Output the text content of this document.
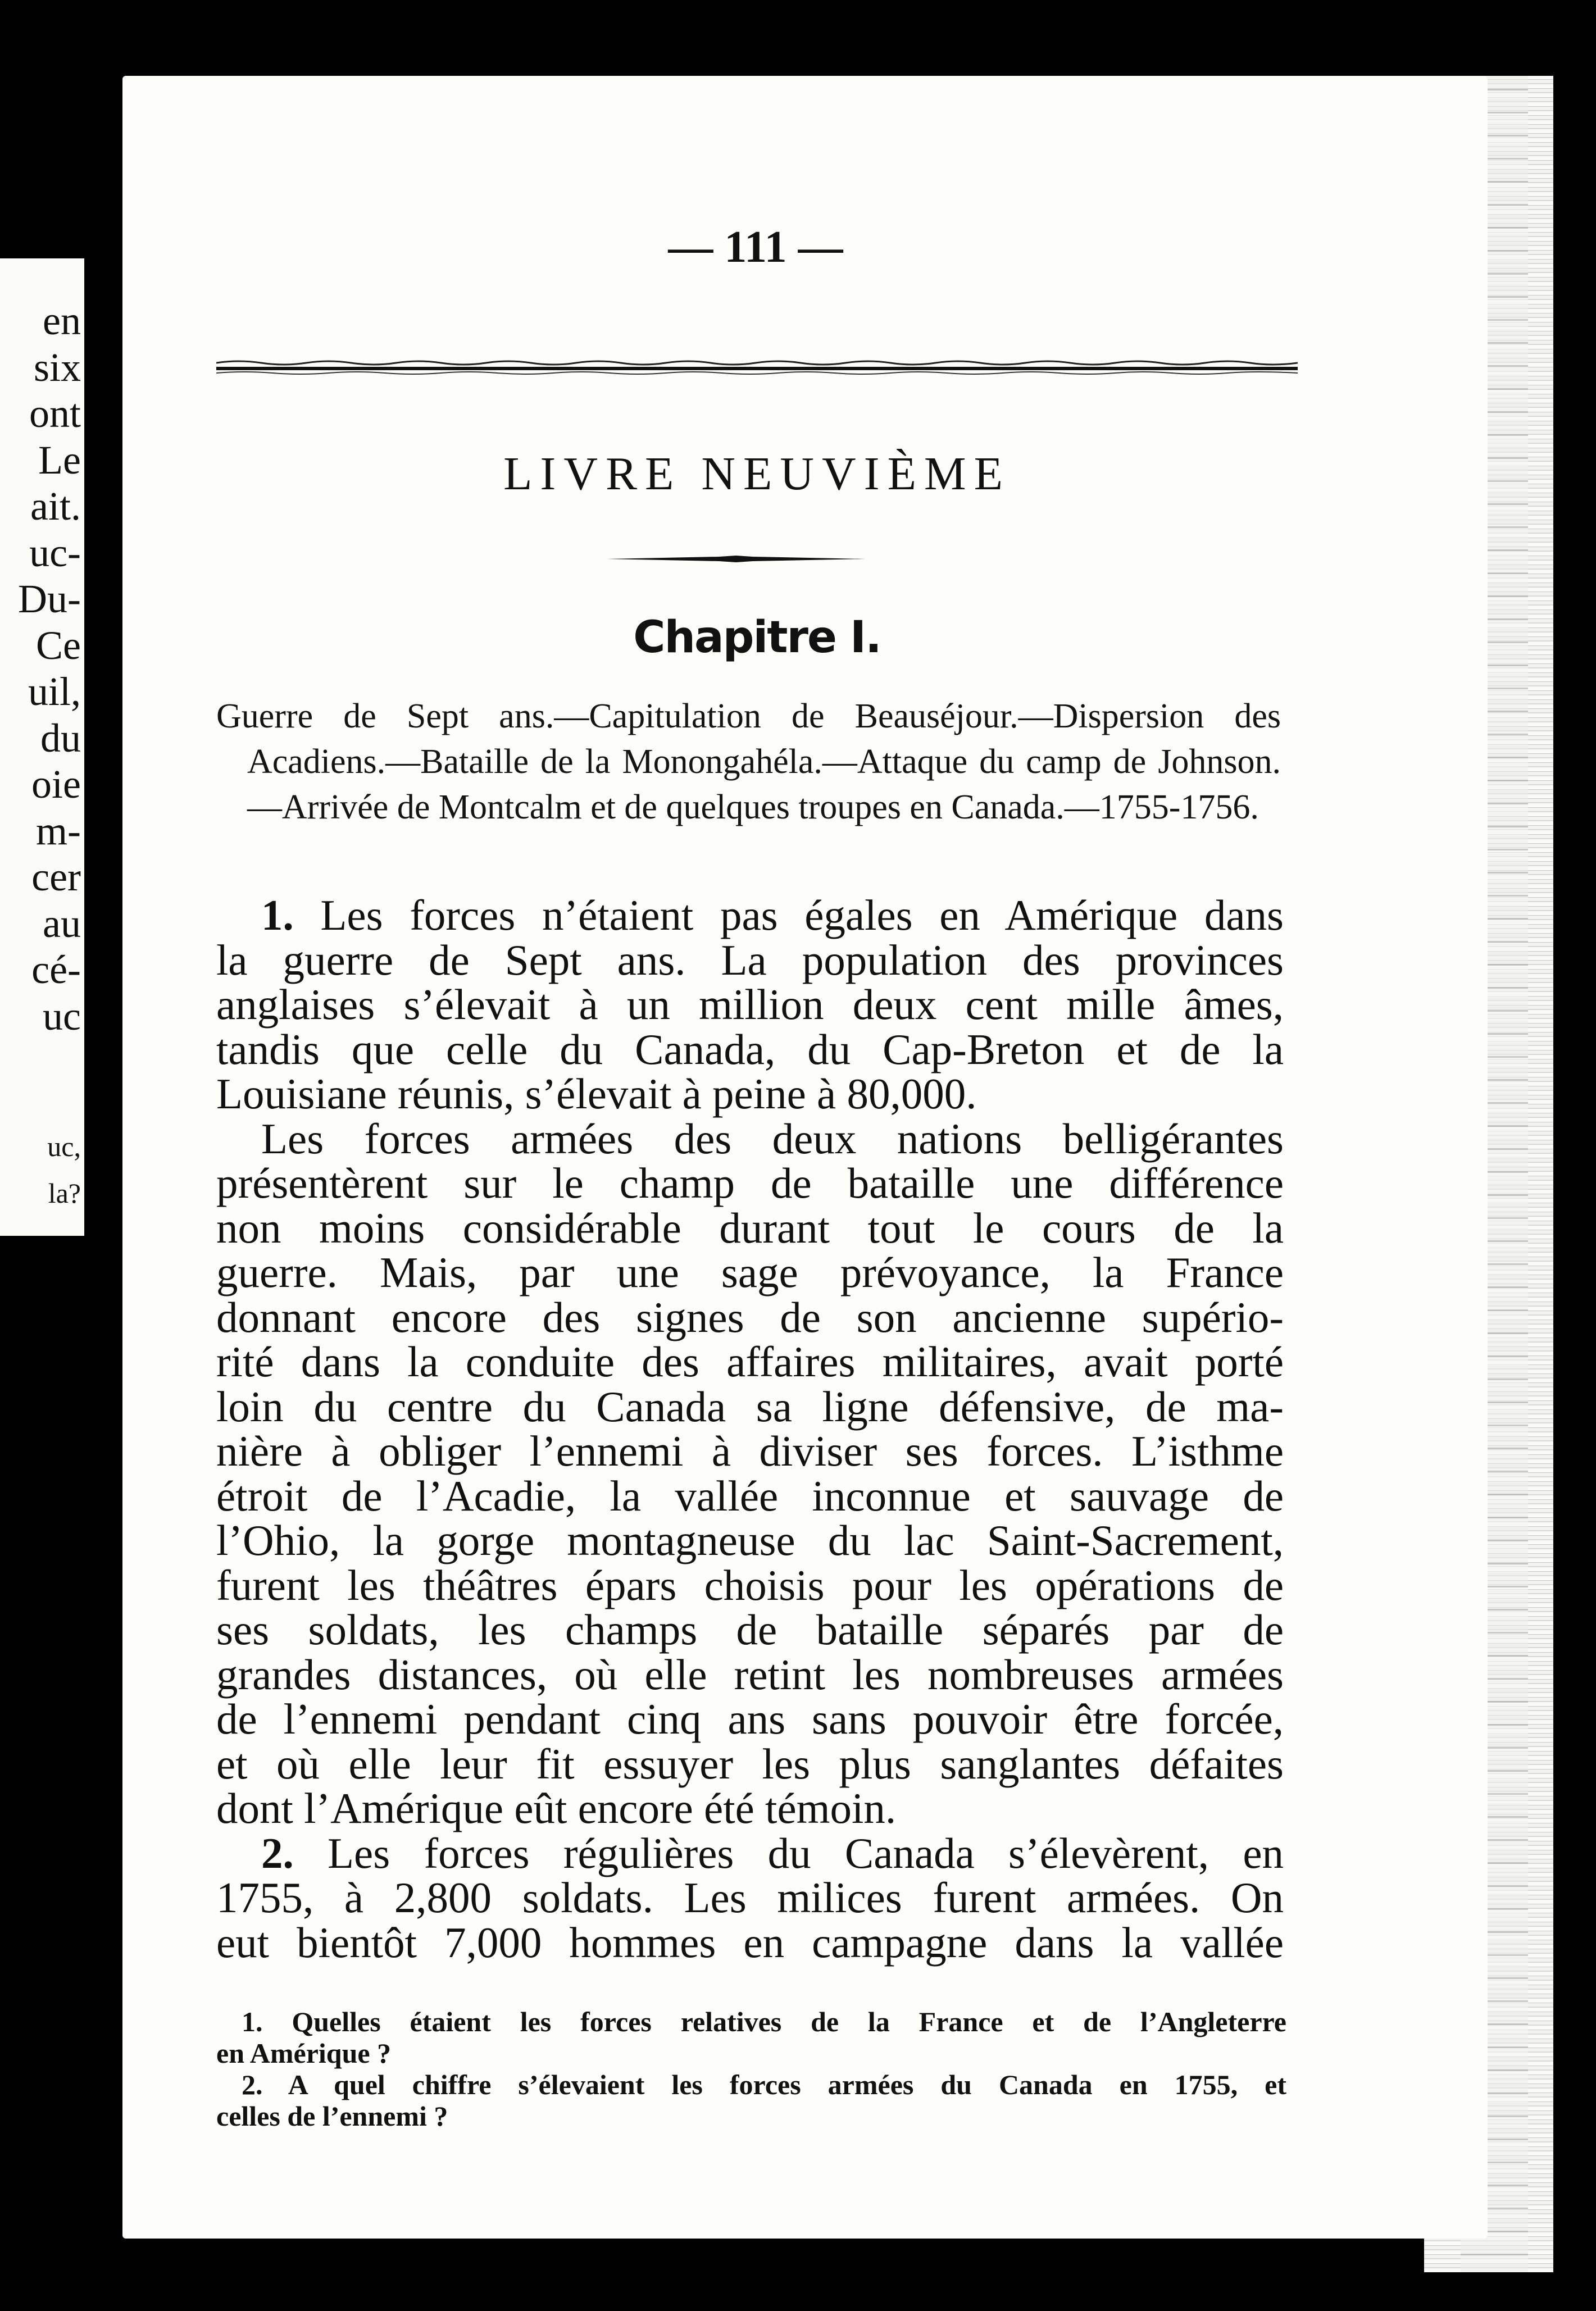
en
six
ont
Le
ait.
uc-
Du-
Ce
uil,
du
oie
m-
cer
au
cé-
uc
uc,
la?
— 111 —
LIVRE NEUVIÈME
Chapitre I.

Guerre de Sept ans.—Capitulation de Beauséjour.—Dispersion des Acadiens.—Bataille de la Monongahéla.—Attaque du camp de Johnson.—Arrivée de Montcalm et de quelques troupes en Canada.—1755-1756.

1. Les forces n’étaient pas égales en Amérique dans
la guerre de Sept ans. La population des provinces
anglaises s’élevait à un million deux cent mille âmes,
tandis que celle du Canada, du Cap-Breton et de la
Louisiane réunis, s’élevait à peine à 80,000.
Les forces armées des deux nations belligérantes
présentèrent sur le champ de bataille une différence
non moins considérable durant tout le cours de la
guerre. Mais, par une sage prévoyance, la France
donnant encore des signes de son ancienne supério-
rité dans la conduite des affaires militaires, avait porté
loin du centre du Canada sa ligne défensive, de ma-
nière à obliger l’ennemi à diviser ses forces. L’isthme
étroit de l’Acadie, la vallée inconnue et sauvage de
l’Ohio, la gorge montagneuse du lac Saint-Sacrement,
furent les théâtres épars choisis pour les opérations de
ses soldats, les champs de bataille séparés par de
grandes distances, où elle retint les nombreuses armées
de l’ennemi pendant cinq ans sans pouvoir être forcée,
et où elle leur fit essuyer les plus sanglantes défaites
dont l’Amérique eût encore été témoin.
2. Les forces régulières du Canada s’élevèrent, en
1755, à 2,800 soldats. Les milices furent armées. On
eut bientôt 7,000 hommes en campagne dans la vallée
1. Quelles étaient les forces relatives de la France et de l’Angleterre
en Amérique ?
2. A quel chiffre s’élevaient les forces armées du Canada en 1755, et
celles de l’ennemi ?
